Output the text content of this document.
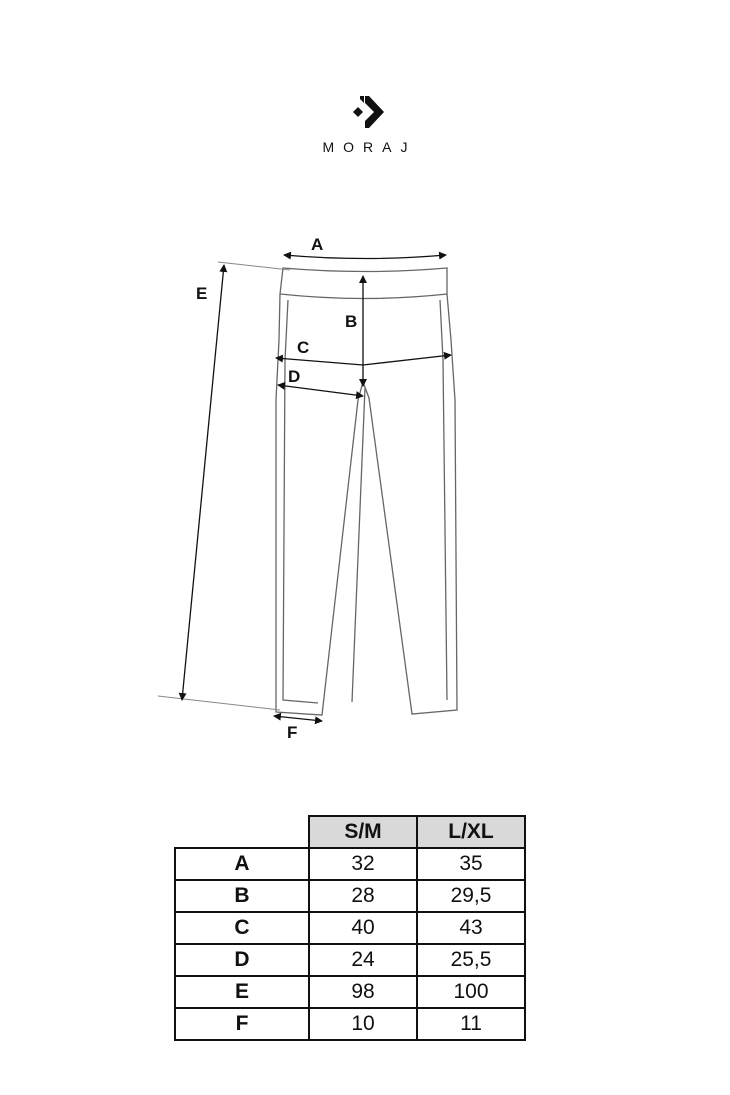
MORAJ
A
B
C
D
E
F
	S/M	L/XL
A	32	35
B	28	29,5
C	40	43
D	24	25,5
E	98	100
F	10	11
